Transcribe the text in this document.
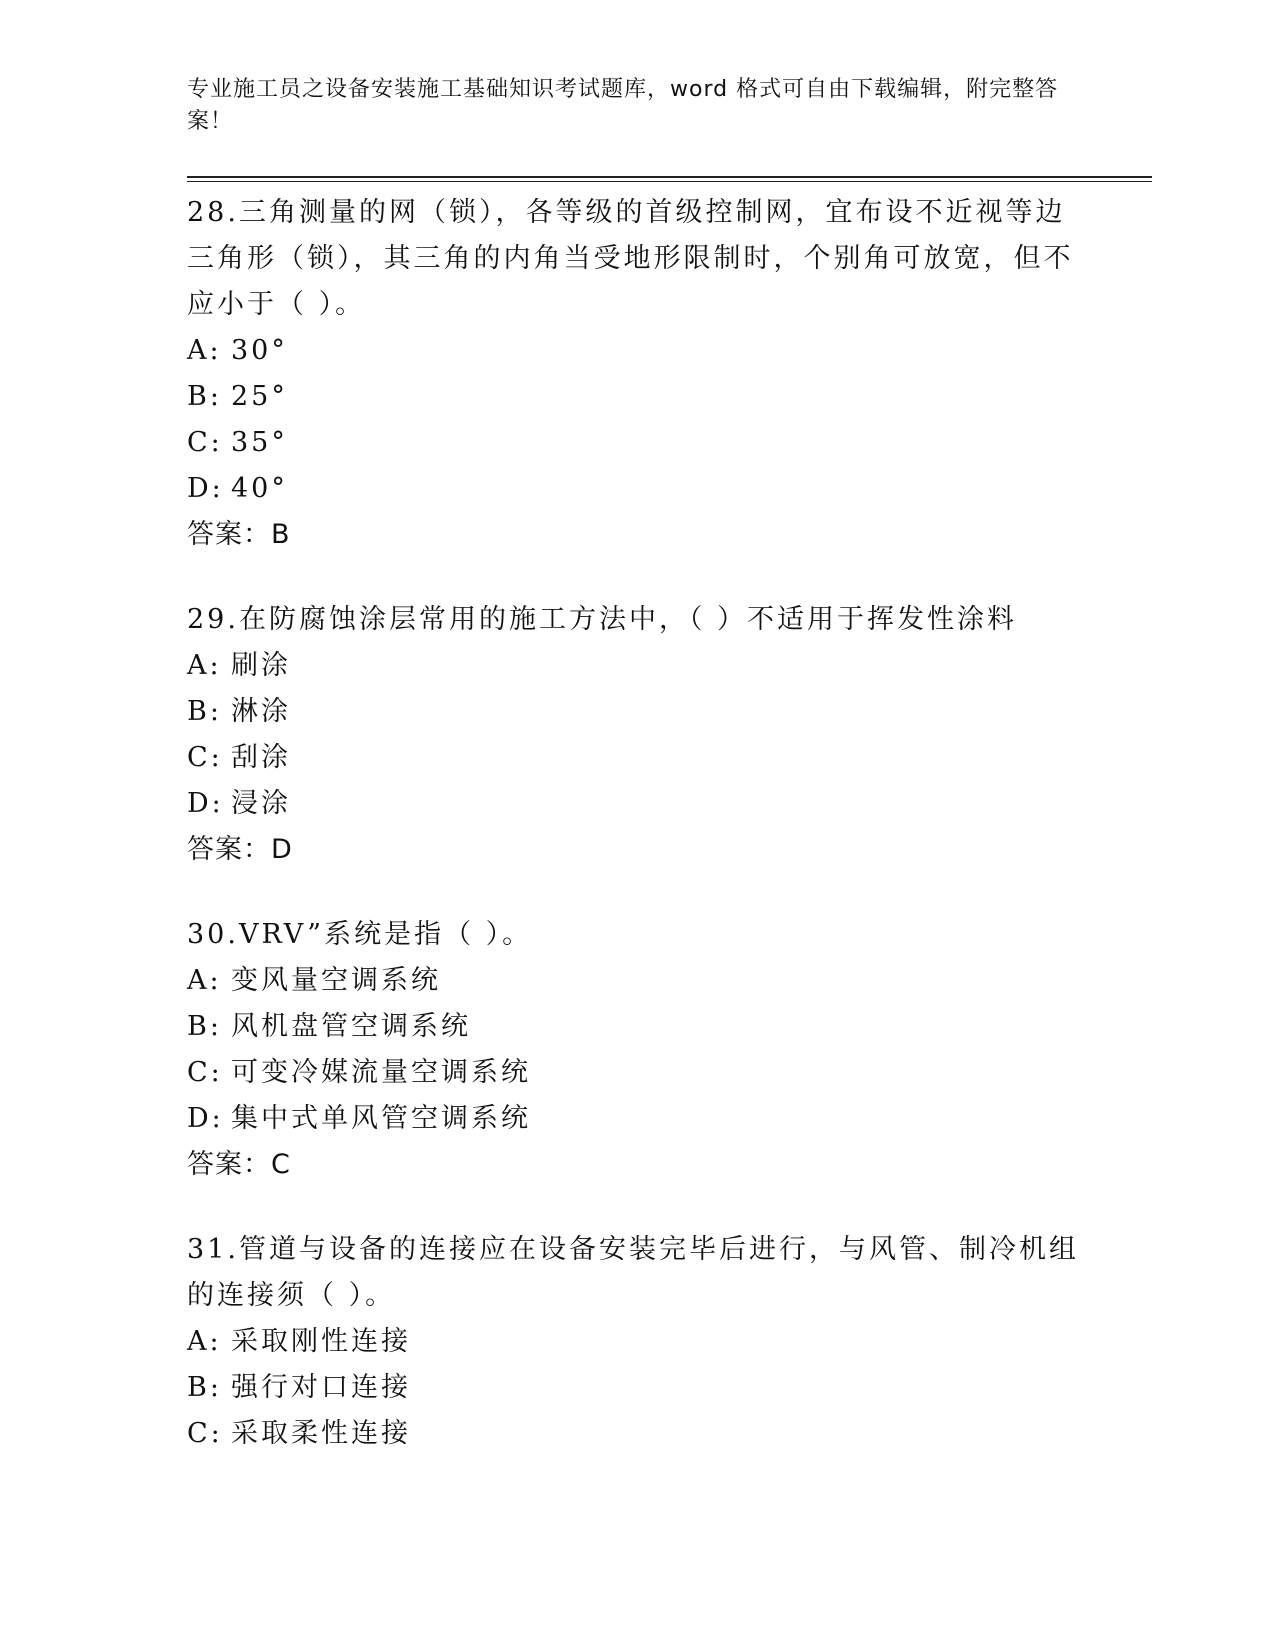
专业施工员之设备安装施工基础知识考试题库，word 格式可自由下载编辑，附完整答案！

28.三角测量的网（锁），各等级的首级控制网，宜布设不近视等边三角形（锁），其三角的内角当受地形限制时，个别角可放宽，但不应小于（ ）。

A: 30°
B: 25°
C: 35°
D: 40°
答案：B

29.在防腐蚀涂层常用的施工方法中，（ ）不适用于挥发性涂料

A: 刷涂
B: 淋涂
C: 刮涂
D: 浸涂
答案：D

30.VRV”系统是指（ ）。

A: 变风量空调系统
B: 风机盘管空调系统
C: 可变冷媒流量空调系统
D: 集中式单风管空调系统
答案：C

31.管道与设备的连接应在设备安装完毕后进行，与风管、制冷机组的连接须（ ）。

A: 采取刚性连接
B: 强行对口连接
C: 采取柔性连接
